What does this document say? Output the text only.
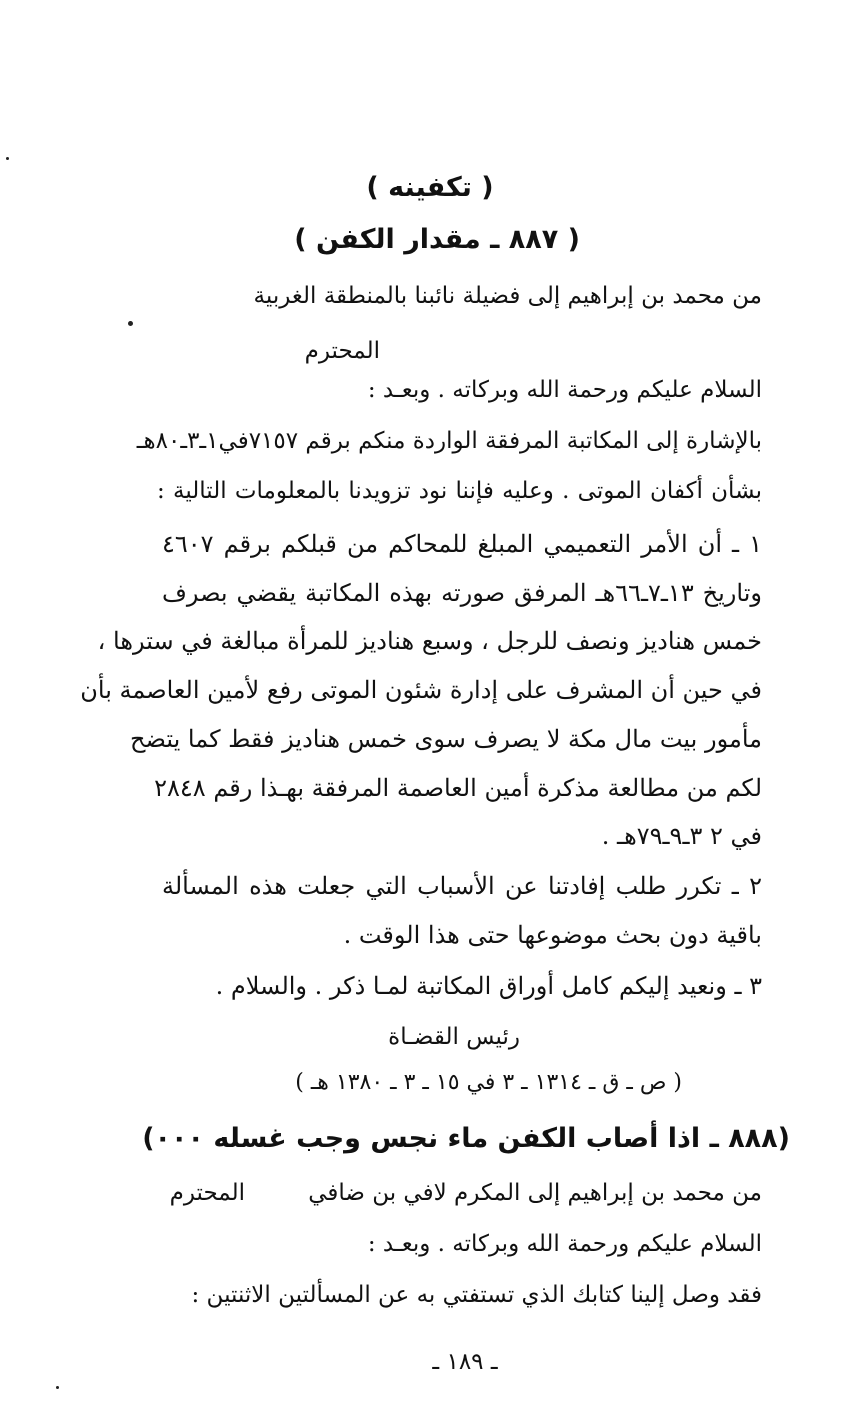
( تكفينه )
( ٨٨٧ ـ مقدار الكفن )
من محمد بن إبراهيم إلى فضيلة نائبنا بالمنطقة الغربية
المحترم
السلام عليكم ورحمة الله وبركاته . وبعـد :
بالإشارة إلى المكاتبة المرفقة الواردة منكم برقم ٧١٥٧في١ـ٣ـ٨٠هـ
بشأن أكفان الموتى . وعليه فإننا نود تزويدنا بالمعلومات التالية :
١ ـ أن الأمر التعميمي المبلغ للمحاكم من قبلكم برقم ٤٦٠٧
وتاريخ ١٣ـ٧ـ٦٦هـ المرفق صورته بهذه المكاتبة يقضي بصرف
خمس هناديز ونصف للرجل ، وسبع هناديز للمرأة مبالغة في سترها ،
في حين أن المشرف على إدارة شئون الموتى رفع لأمين العاصمة بأن
مأمور بيت مال مكة لا يصرف سوى خمس هناديز فقط كما يتضح
لكم من مطالعة مذكرة أمين العاصمة المرفقة بهـذا رقم ٢٨٤٨
في ٢ ٣ـ٩ـ٧٩هـ .
٢ ـ تكرر طلب إفادتنا عن الأسباب التي جعلت هذه المسألة
باقية دون بحث موضوعها حتى هذا الوقت .
٣ ـ ونعيد إليكم كامل أوراق المكاتبة لمـا ذكر . والسلام .
رئيس القضـاة
( ص ـ ق ـ ١٣١٤ ـ ٣ في ١٥ ـ ٣ ـ ١٣٨٠ هـ )
(٨٨٨ ـ اذا أصاب الكفن ماء نجس وجب غسله ٠٠٠)
من محمد بن إبراهيم إلى المكرم لافي بن ضافي
المحترم
السلام عليكم ورحمة الله وبركاته . وبعـد :
فقد وصل إلينا كتابك الذي تستفتي به عن المسألتين الاثنتين :
ـ ١٨٩ ـ
